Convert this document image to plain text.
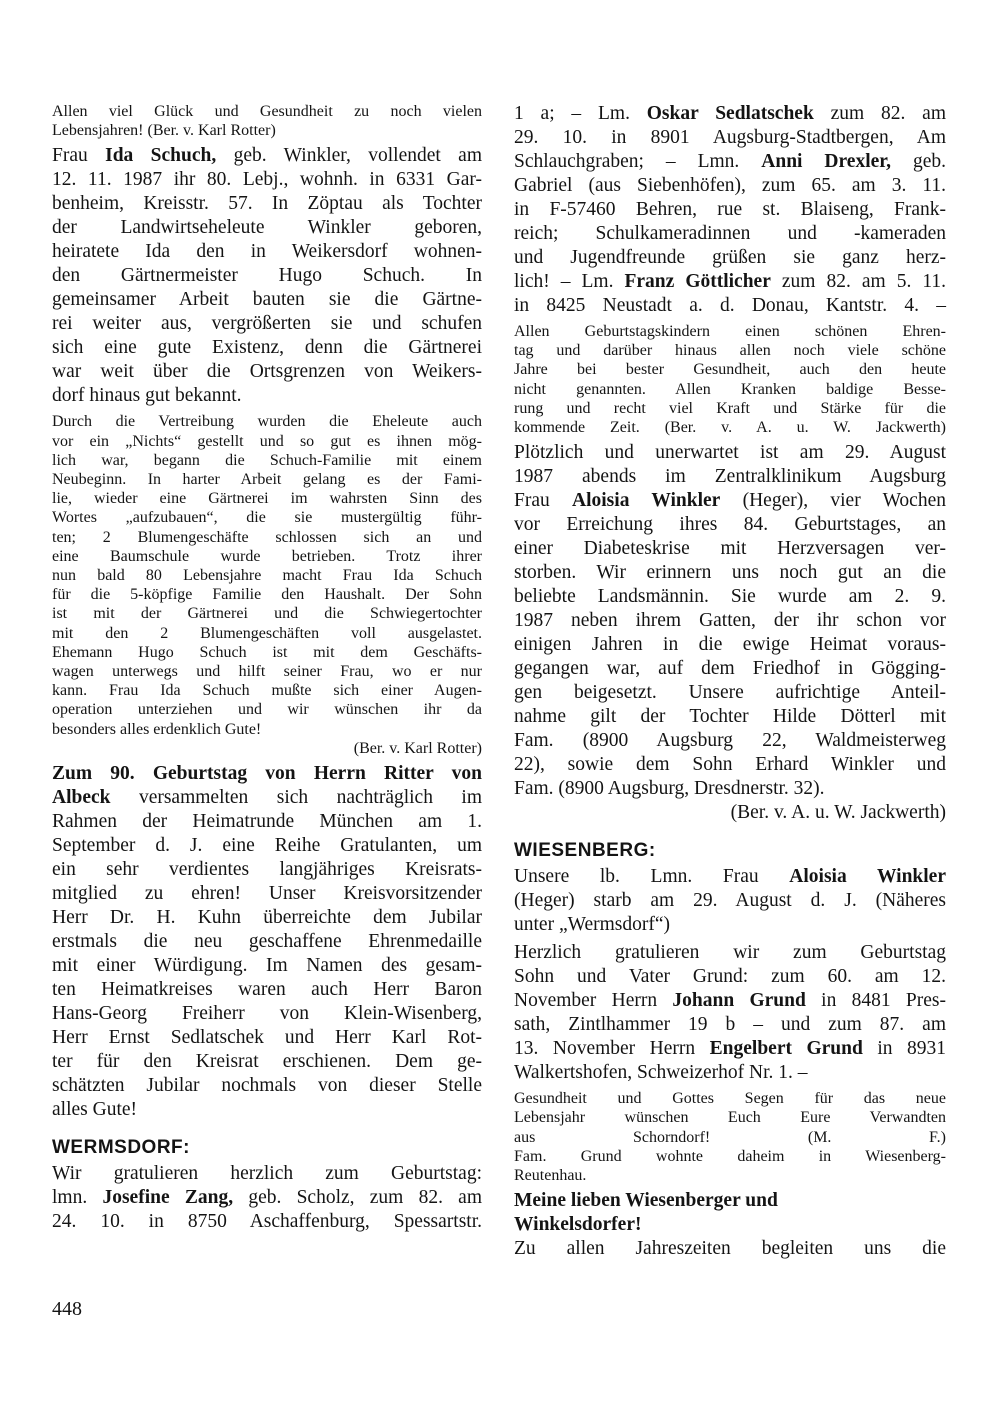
Allen viel Glück und Gesundheit zu noch vielen
Lebensjahren! (Ber. v. Karl Rotter)
Frau Ida Schuch, geb. Winkler, vollendet am
12. 11. 1987 ihr 80. Lebj., wohnh. in 6331 Gar-
benheim, Kreisstr. 57. In Zöptau als Tochter
der Landwirtseheleute Winkler geboren,
heiratete Ida den in Weikersdorf wohnen-
den Gärtnermeister Hugo Schuch. In
gemeinsamer Arbeit bauten sie die Gärtne-
rei weiter aus, vergrößerten sie und schufen
sich eine gute Existenz, denn die Gärtnerei
war weit über die Ortsgrenzen von Weikers-
dorf hinaus gut bekannt.
Durch die Vertreibung wurden die Eheleute auch
vor ein „Nichts“ gestellt und so gut es ihnen mög-
lich war, begann die Schuch-Familie mit einem
Neubeginn. In harter Arbeit gelang es der Fami-
lie, wieder eine Gärtnerei im wahrsten Sinn des
Wortes „aufzubauen“, die sie mustergültig führ-
ten; 2 Blumengeschäfte schlossen sich an und
eine Baumschule wurde betrieben. Trotz ihrer
nun bald 80 Lebensjahre macht Frau Ida Schuch
für die 5-köpfige Familie den Haushalt. Der Sohn
ist mit der Gärtnerei und die Schwiegertochter
mit den 2 Blumengeschäften voll ausgelastet.
Ehemann Hugo Schuch ist mit dem Geschäfts-
wagen unterwegs und hilft seiner Frau, wo er nur
kann. Frau Ida Schuch mußte sich einer Augen-
operation unterziehen und wir wünschen ihr da
besonders alles erdenklich Gute!
(Ber. v. Karl Rotter)
Zum 90. Geburtstag von Herrn Ritter von
Albeck versammelten sich nachträglich im
Rahmen der Heimatrunde München am 1.
September d. J. eine Reihe Gratulanten, um
ein sehr verdientes langjähriges Kreisrats-
mitglied zu ehren! Unser Kreisvorsitzender
Herr Dr. H. Kuhn überreichte dem Jubilar
erstmals die neu geschaffene Ehrenmedaille
mit einer Würdigung. Im Namen des gesam-
ten Heimatkreises waren auch Herr Baron
Hans-Georg Freiherr von Klein-Wisenberg,
Herr Ernst Sedlatschek und Herr Karl Rot-
ter für den Kreisrat erschienen. Dem ge-
schätzten Jubilar nochmals von dieser Stelle
alles Gute!
WERMSDORF:
Wir gratulieren herzlich zum Geburtstag:
lmn. Josefine Zang, geb. Scholz, zum 82. am
24. 10. in 8750 Aschaffenburg, Spessartstr.
1 a; – Lm. Oskar Sedlatschek zum 82. am
29. 10. in 8901 Augsburg-Stadtbergen, Am
Schlauchgraben; – Lmn. Anni Drexler, geb.
Gabriel (aus Siebenhöfen), zum 65. am 3. 11.
in F-57460 Behren, rue st. Blaiseng, Frank-
reich; Schulkameradinnen und -kameraden
und Jugendfreunde grüßen sie ganz herz-
lich! – Lm. Franz Göttlicher zum 82. am 5. 11.
in 8425 Neustadt a. d. Donau, Kantstr. 4. –
Allen Geburtstagskindern einen schönen Ehren-
tag und darüber hinaus allen noch viele schöne
Jahre bei bester Gesundheit, auch den heute
nicht genannten. Allen Kranken baldige Besse-
rung und recht viel Kraft und Stärke für die
kommende Zeit. (Ber. v. A. u. W. Jackwerth)
Plötzlich und unerwartet ist am 29. August
1987 abends im Zentralklinikum Augsburg
Frau Aloisia Winkler (Heger), vier Wochen
vor Erreichung ihres 84. Geburtstages, an
einer Diabeteskrise mit Herzversagen ver-
storben. Wir erinnern uns noch gut an die
beliebte Landsmännin. Sie wurde am 2. 9.
1987 neben ihrem Gatten, der ihr schon vor
einigen Jahren in die ewige Heimat voraus-
gegangen war, auf dem Friedhof in Gögging-
gen beigesetzt. Unsere aufrichtige Anteil-
nahme gilt der Tochter Hilde Dötterl mit
Fam. (8900 Augsburg 22, Waldmeisterweg
22), sowie dem Sohn Erhard Winkler und
Fam. (8900 Augsburg, Dresdnerstr. 32).
(Ber. v. A. u. W. Jackwerth)
WIESENBERG:
Unsere lb. Lmn. Frau Aloisia Winkler
(Heger) starb am 29. August d. J. (Näheres
unter „Wermsdorf“)
Herzlich gratulieren wir zum Geburtstag
Sohn und Vater Grund: zum 60. am 12.
November Herrn Johann Grund in 8481 Pres-
sath, Zintlhammer 19 b – und zum 87. am
13. November Herrn Engelbert Grund in 8931
Walkertshofen, Schweizerhof Nr. 1. –
Gesundheit und Gottes Segen für das neue
Lebensjahr wünschen Euch Eure Verwandten
aus Schorndorf! (M. F.)
Fam. Grund wohnte daheim in Wiesenberg-
Reutenhau.
Meine lieben Wiesenberger und
Winkelsdorfer!
Zu allen Jahreszeiten begleiten uns die
448
